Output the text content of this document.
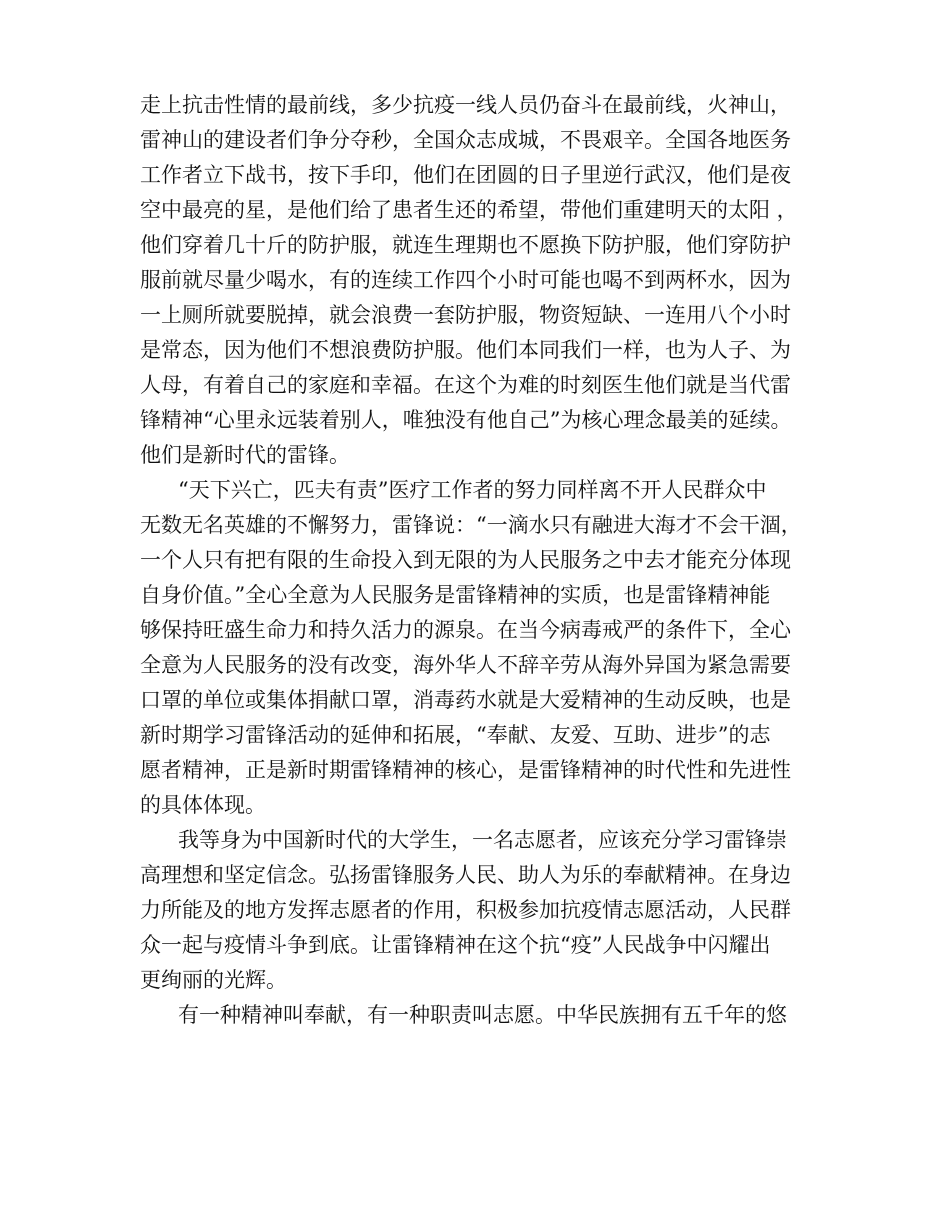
走上抗击性情的最前线，多少抗疫一线人员仍奋斗在最前线，火神山，
雷神山的建设者们争分夺秒，全国众志成城，不畏艰辛。全国各地医务
工作者立下战书，按下手印，他们在团圆的日子里逆行武汉，他们是夜
空中最亮的星，是他们给了患者生还的希望，带他们重建明天的太阳 ，
他们穿着几十斤的防护服，就连生理期也不愿换下防护服，他们穿防护
服前就尽量少喝水，有的连续工作四个小时可能也喝不到两杯水，因为
一上厕所就要脱掉，就会浪费一套防护服，物资短缺、一连用八个小时
是常态，因为他们不想浪费防护服。他们本同我们一样，也为人子、为
人母，有着自己的家庭和幸福。在这个为难的时刻医生他们就是当代雷
锋精神“心里永远装着别人，唯独没有他自己”为核心理念最美的延续。
他们是新时代的雷锋。
“天下兴亡，匹夫有责”医疗工作者的努力同样离不开人民群众中
无数无名英雄的不懈努力，雷锋说：“一滴水只有融进大海才不会干涸，
一个人只有把有限的生命投入到无限的为人民服务之中去才能充分体现
自身价值。”全心全意为人民服务是雷锋精神的实质，也是雷锋精神能
够保持旺盛生命力和持久活力的源泉。在当今病毒戒严的条件下，全心
全意为人民服务的没有改变，海外华人不辞辛劳从海外异国为紧急需要
口罩的单位或集体捐献口罩，消毒药水就是大爱精神的生动反映，也是
新时期学习雷锋活动的延伸和拓展，“奉献、友爱、互助、进步”的志
愿者精神，正是新时期雷锋精神的核心，是雷锋精神的时代性和先进性
的具体体现。
我等身为中国新时代的大学生，一名志愿者，应该充分学习雷锋崇
高理想和坚定信念。弘扬雷锋服务人民、助人为乐的奉献精神。在身边
力所能及的地方发挥志愿者的作用，积极参加抗疫情志愿活动，人民群
众一起与疫情斗争到底。让雷锋精神在这个抗“疫”人民战争中闪耀出
更绚丽的光辉。
有一种精神叫奉献，有一种职责叫志愿。中华民族拥有五千年的悠
